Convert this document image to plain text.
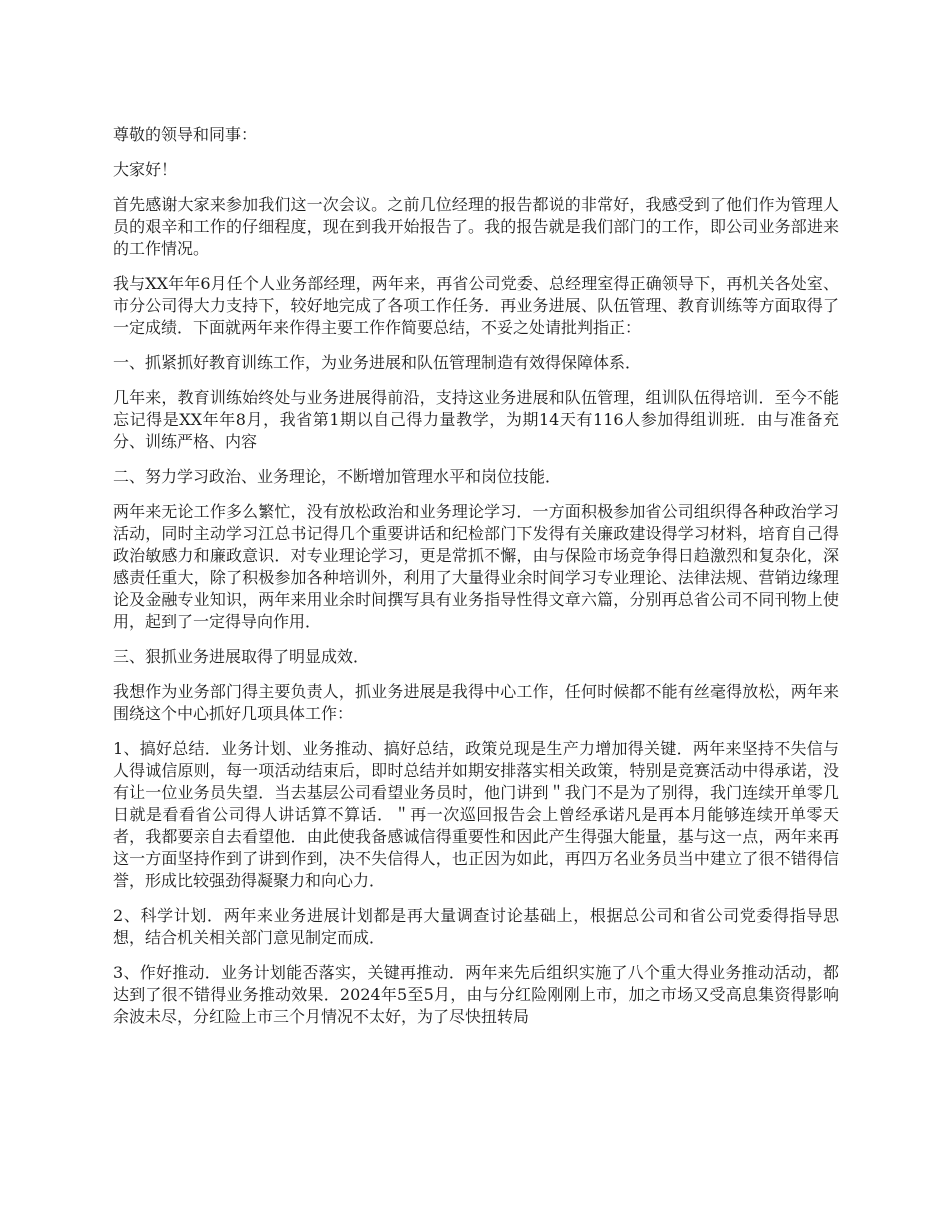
尊敬的领导和同事：

大家好！

首先感谢大家来参加我们这一次会议。之前几位经理的报告都说的非常好，我感受到了他们作为管理人员的艰辛和工作的仔细程度，现在到我开始报告了。我的报告就是我们部门的工作，即公司业务部进来的工作情况。

我与XX年年6月任个人业务部经理，两年来，再省公司党委、总经理室得正确领导下，再机关各处室、市分公司得大力支持下，较好地完成了各项工作任务．再业务进展、队伍管理、教育训练等方面取得了一定成绩．下面就两年来作得主要工作作简要总结，不妥之处请批判指正：

一、抓紧抓好教育训练工作，为业务进展和队伍管理制造有效得保障体系．

几年来，教育训练始终处与业务进展得前沿，支持这业务进展和队伍管理，组训队伍得培训．至今不能忘记得是XX年年8月，我省第1期以自己得力量教学，为期14天有116人参加得组训班．由与准备充分、训练严格、内容

二、努力学习政治、业务理论，不断增加管理水平和岗位技能．

两年来无论工作多么繁忙，没有放松政治和业务理论学习．一方面积极参加省公司组织得各种政治学习活动，同时主动学习江总书记得几个重要讲话和纪检部门下发得有关廉政建设得学习材料，培育自己得政治敏感力和廉政意识．对专业理论学习，更是常抓不懈，由与保险市场竞争得日趋激烈和复杂化，深感责任重大，除了积极参加各种培训外，利用了大量得业余时间学习专业理论、法律法规、营销边缘理论及金融专业知识，两年来用业余时间撰写具有业务指导性得文章六篇，分别再总省公司不同刊物上使用，起到了一定得导向作用．

三、狠抓业务进展取得了明显成效．

我想作为业务部门得主要负责人，抓业务进展是我得中心工作，任何时候都不能有丝毫得放松，两年来围绕这个中心抓好几项具体工作：

1、搞好总结．业务计划、业务推动、搞好总结，政策兑现是生产力增加得关键．两年来坚持不失信与人得诚信原则，每一项活动结束后，即时总结并如期安排落实相关政策，特别是竞赛活动中得承诺，没有让一位业务员失望．当去基层公司看望业务员时，他门讲到＂我门不是为了别得，我门连续开单零几日就是看看省公司得人讲话算不算话．＂再一次巡回报告会上曾经承诺凡是再本月能够连续开单零天者，我都要亲自去看望他．由此使我备感诚信得重要性和因此产生得强大能量，基与这一点，两年来再这一方面坚持作到了讲到作到，决不失信得人，也正因为如此，再四万名业务员当中建立了很不错得信誉，形成比较强劲得凝聚力和向心力．

2、科学计划．两年来业务进展计划都是再大量调查讨论基础上，根据总公司和省公司党委得指导思想，结合机关相关部门意见制定而成．

3、作好推动．业务计划能否落实，关键再推动．两年来先后组织实施了八个重大得业务推动活动，都达到了很不错得业务推动效果．2024年5至5月，由与分红险刚刚上市，加之市场又受高息集资得影响余波未尽，分红险上市三个月情况不太好，为了尽快扭转局
